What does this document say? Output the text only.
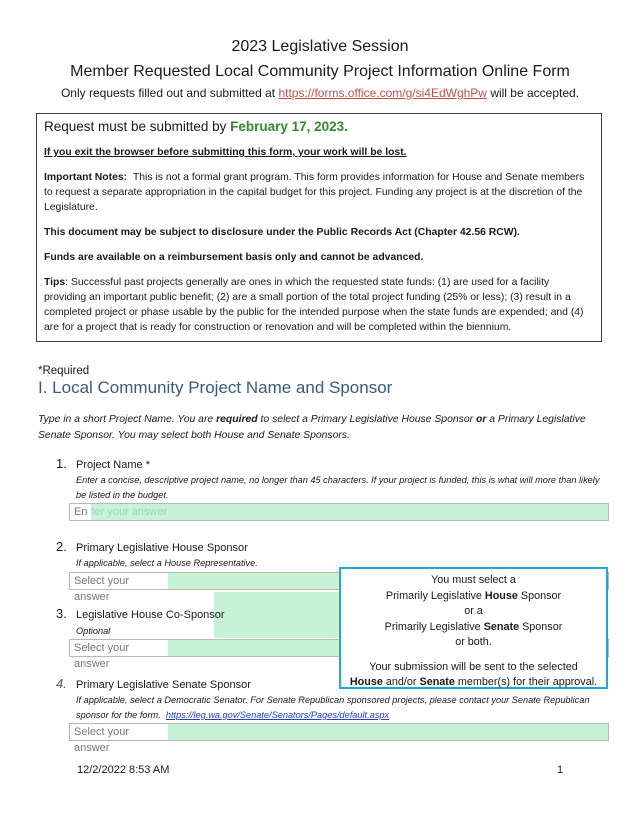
2023 Legislative Session
Member Requested Local Community Project Information Online Form
Only requests filled out and submitted at https://forms.office.com/g/si4EdWghPw will be accepted.
Request must be submitted by February 17, 2023.

If you exit the browser before submitting this form, your work will be lost.

Important Notes: This is not a formal grant program. This form provides information for House and Senate members to request a separate appropriation in the capital budget for this project. Funding any project is at the discretion of the Legislature.

This document may be subject to disclosure under the Public Records Act (Chapter 42.56 RCW).

Funds are available on a reimbursement basis only and cannot be advanced.

Tips: Successful past projects generally are ones in which the requested state funds: (1) are used for a facility providing an important public benefit; (2) are a small portion of the total project funding (25% or less); (3) result in a completed project or phase usable by the public for the intended purpose when the state funds are expended; and (4) are for a project that is ready for construction or renovation and will be completed within the biennium.

*Required
I. Local Community Project Name and Sponsor
Type in a short Project Name. You are required to select a Primary Legislative House Sponsor or a Primary Legislative Senate Sponsor. You may select both House and Senate Sponsors.
1. Project Name *
Enter a concise, descriptive project name, no longer than 45 characters. If your project is funded, this is what will more than likely be listed in the budget.
En ter your answer
2. Primary Legislative House Sponsor
If applicable, select a House Representative.
Select your answer
3. Legislative House Co-Sponsor
Optional
Select your answer
4. Primary Legislative Senate Sponsor
If applicable, select a Democratic Senator. For Senate Republican sponsored projects, please contact your Senate Republican sponsor for the form. https://leg.wa.gov/Senate/Senators/Pages/default.aspx
Select your answer
You must select a
Primarily Legislative House Sponsor
or a
Primarily Legislative Senate Sponsor
or both.
Your submission will be sent to the selected
House and/or Senate member(s) for their approval.
12/2/2022 8:53 AM	1
